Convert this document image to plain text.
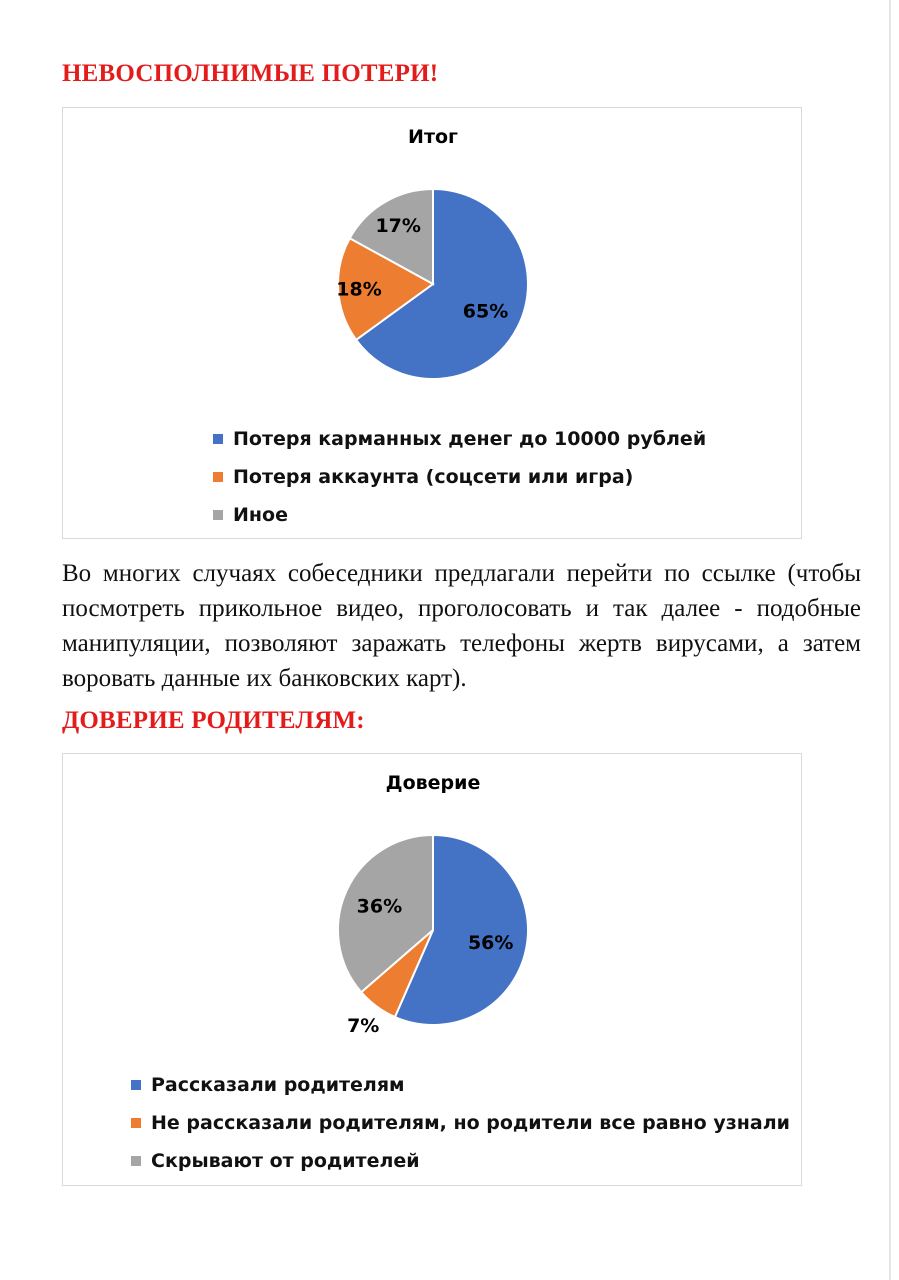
НЕВОСПОЛНИМЫЕ ПОТЕРИ!
Итог
65%
18%
17%
Потеря карманных денег до 10000 рублей
Потеря аккаунта (соцсети или игра)
Иное

Во многих случаях собеседники предлагали перейти по ссылке (чтобы посмотреть прикольное видео, проголосовать и так далее - подобные манипуляции, позволяют заражать телефоны жертв вирусами, а затем воровать данные их банковских карт).

ДОВЕРИЕ РОДИТЕЛЯМ:
Доверие
56%
7%
36%
Рассказали родителям
Не рассказали родителям, но родители все равно узнали
Скрывают от родителей
